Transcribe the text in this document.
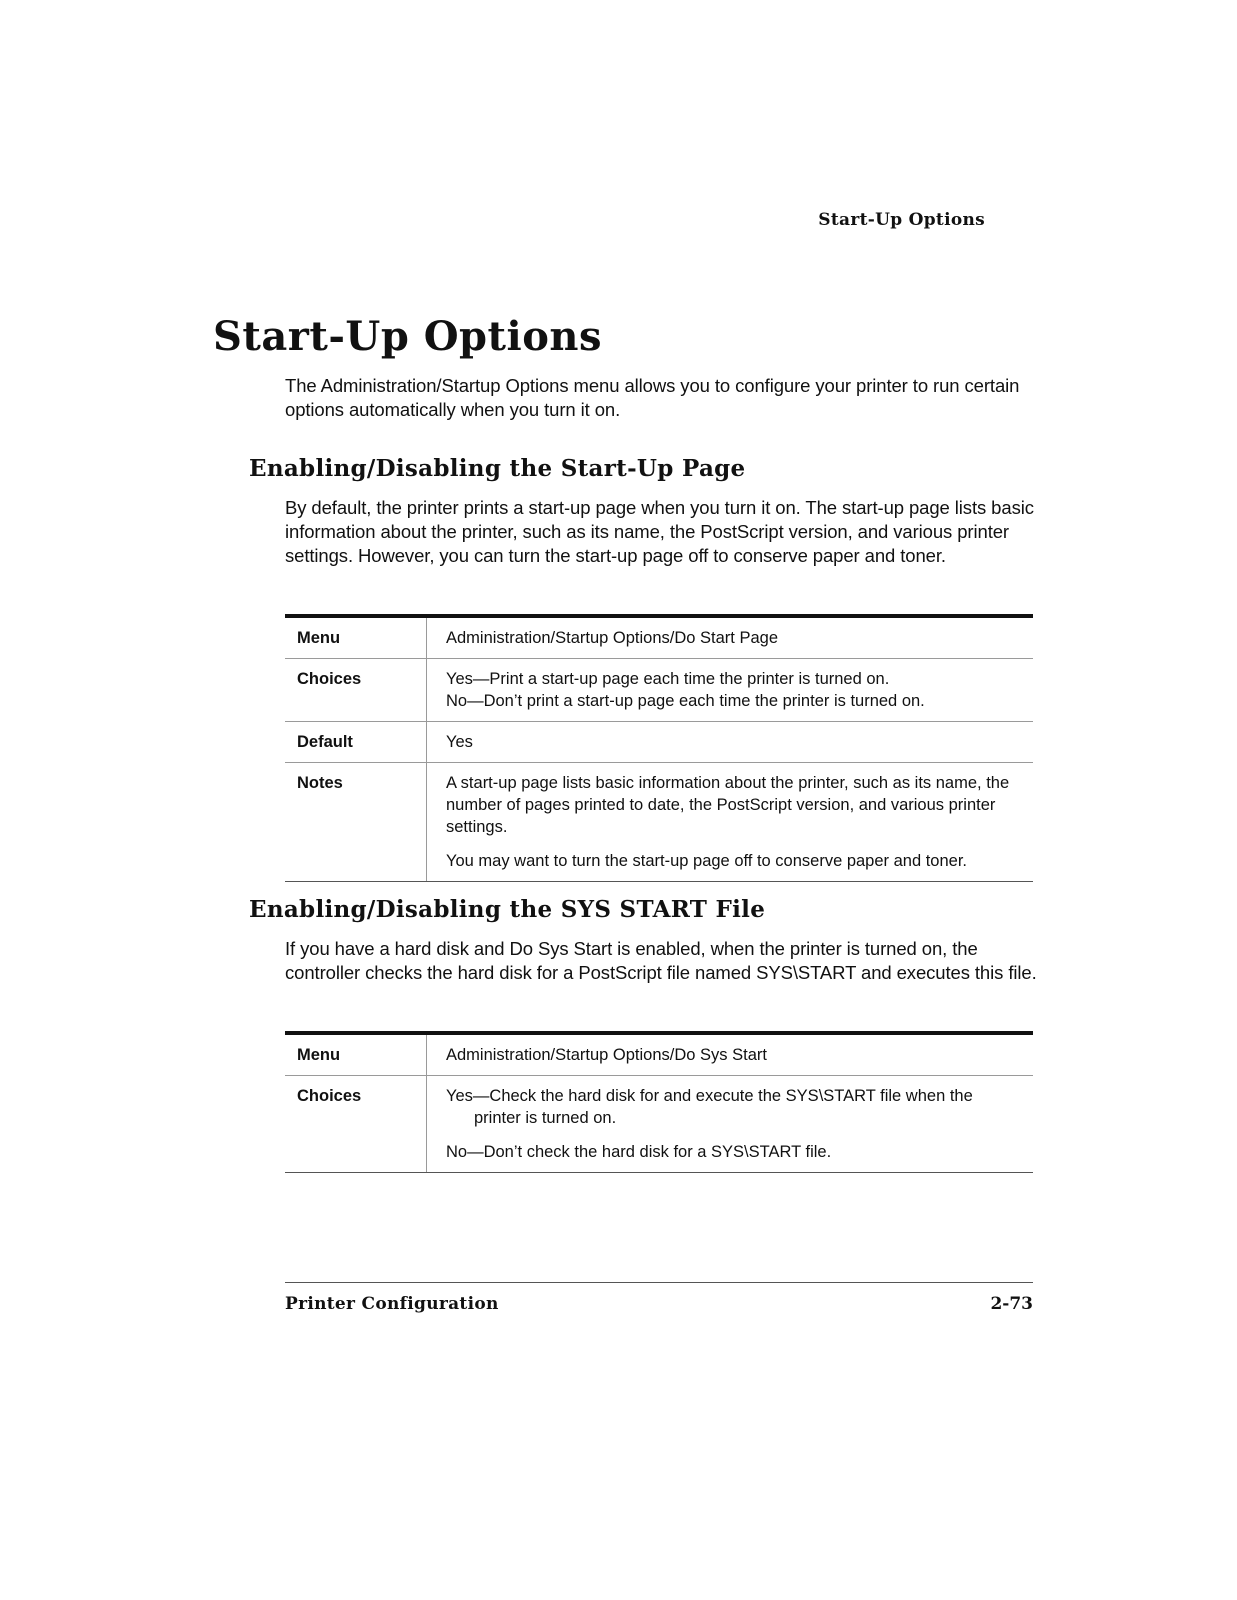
Start-Up Options
Start-Up Options

The Administration/Startup Options menu allows you to configure your printer to run certain options automatically when you turn it on.

Enabling/Disabling the Start-Up Page

By default, the printer prints a start-up page when you turn it on. The start-up page lists basic information about the printer, such as its name, the PostScript version, and various printer settings. However, you can turn the start-up page off to conserve paper and toner.

Menu	Administration/Startup Options/Do Start Page

Choices	Yes—Print a start-up page each time the printer is turned on.

No—Don’t print a start-up page each time the printer is turned on.

Default	Yes

Notes	A start-up page lists basic information about the printer, such as its name, the number of pages printed to date, the PostScript version, and various printer settings.

You may want to turn the start-up page off to conserve paper and toner.

Enabling/Disabling the SYS START File

If you have a hard disk and Do Sys Start is enabled, when the printer is turned on, the controller checks the hard disk for a PostScript file named SYS\START and executes this file.

Menu	Administration/Startup Options/Do Sys Start

Choices	Yes—Check the hard disk for and execute the SYS\START file when the printer is turned on.

No—Don’t check the hard disk for a SYS\START file.

Printer Configuration	2-73
